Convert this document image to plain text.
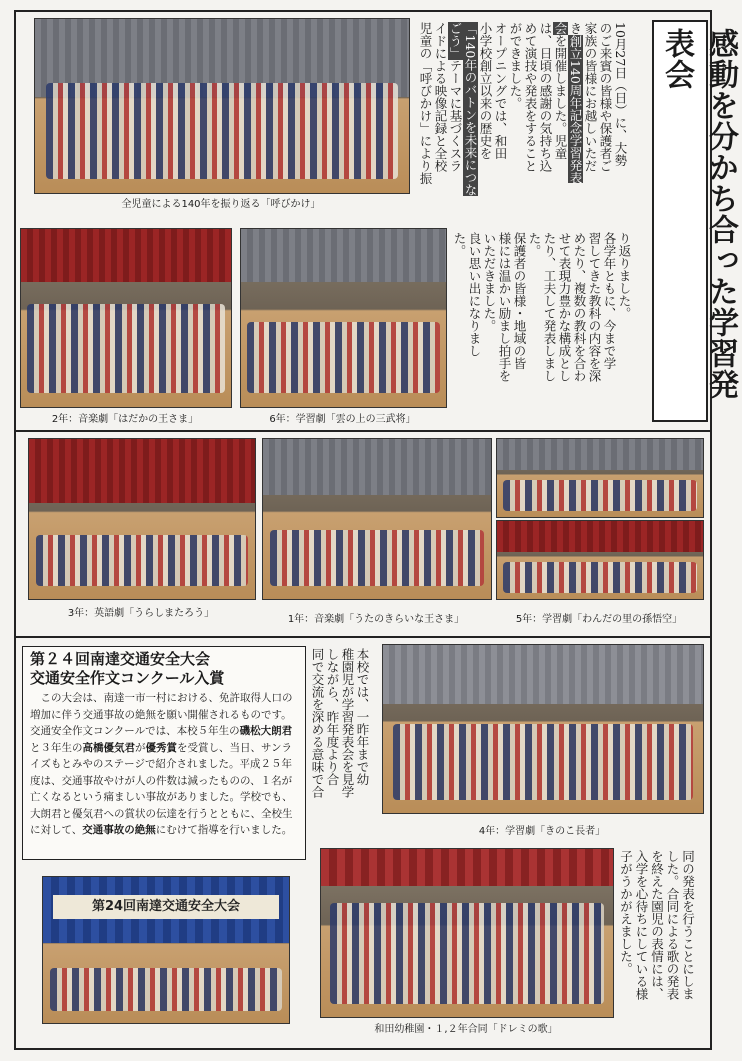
全児童による140年を振り返る「呼びかけ」
10月27日（日）に、大勢
のご来賓の皆様や保護者ご
家族の皆様にお越しいただ
き創立140周年記念学習発表
会を開催しました。児童
は、日頃の感謝の気持ち込
めて演技や発表をすること
ができました。
オープニングでは、和田
小学校創立以来の歴史を
「140年のバトンを未来につな
ごう」テーマに基づくスラ
イドによる映像記録と全校
児童の「呼びかけ」により振
り返りました。
各学年ともに、今まで学
習してきた教科の内容を深
めたり、複数の教科を合わ
せて表現力豊かな構成とし
たり、工夫して発表しまし
た。
保護者の皆様・地域の皆
様には温かい励まし拍手を
いただきました。
良い思い出になりまし
た。	感動を分かち合った学習発表会
2年：音楽劇「はだかの王さま」	6年：学習劇「雲の上の三武将」
3年：英語劇「うらしまたろう」
1年：音楽劇「うたのきらいな王さま」	5年：学習劇「わんだの里の孫悟空」
第２４回南達交通安全大会
交通安全作文コンクール入賞
　この大会は、南達一市一村における、免許取得人口の増加に伴う交通事故の絶無を願い開催されるものです。交通安全作文コンクールでは、本校５年生の磯松大朗君と３年生の高橋優気君が優秀賞を受賞し、当日、サンライズもとみやのステージで紹介されました。平成２５年度は、交通事故やけが人の件数は減ったものの、１名が亡くなるという痛ましい事故がありました。学校でも、大朗君と優気君への賞状の伝達を行うとともに、全校生に対して、交通事故の絶無にむけて指導を行いました。
第24回南達交通安全大会
本校では、一昨年まで幼
稚園児が学習発表会を見学
しながら、昨年度より合
同で交流を深める意味で合
4年：学習劇「きのこ長者」
和田幼稚園・１,２年合同「ドレミの歌」
同の発表を行うことにしま
した。合同による歌の発表
を終えた園児の表情には、
入学を心待ちにしている様
子がうかがえました。
